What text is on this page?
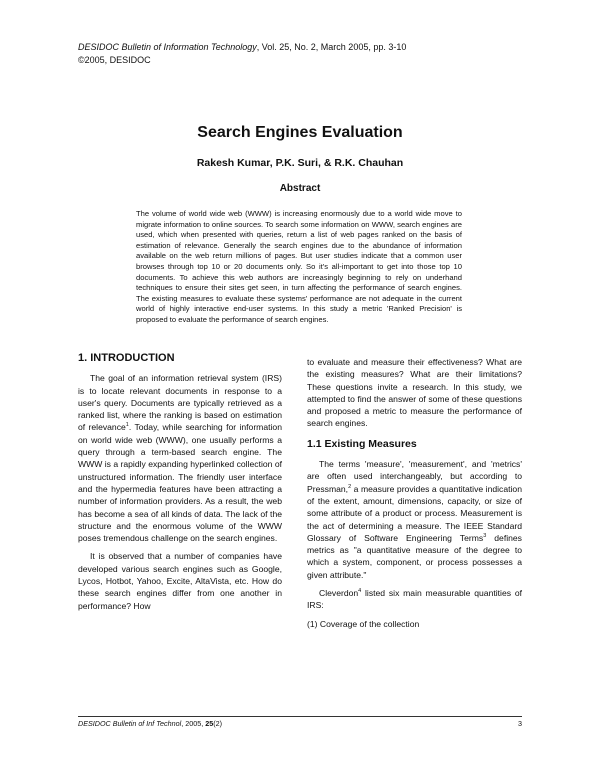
DESIDOC Bulletin of Information Technology, Vol. 25, No. 2, March 2005, pp. 3-10
©2005, DESIDOC
Search Engines Evaluation
Rakesh Kumar, P.K. Suri, & R.K. Chauhan
Abstract

The volume of world wide web (WWW) is increasing enormously due to a world wide move to migrate information to online sources. To search some information on WWW, search engines are used, which when presented with queries, return a list of web pages ranked on the basis of estimation of relevance. Generally the search engines due to the abundance of information available on the web return millions of pages. But user studies indicate that a common user browses through top 10 or 20 documents only. So it's all-important to get into those top 10 documents. To achieve this web authors are increasingly beginning to rely on underhand techniques to ensure their sites get seen, in turn affecting the performance of search engines. The existing measures to evaluate these systems' performance are not adequate in the current world of highly interactive end-user systems. In this study a metric 'Ranked Precision' is proposed to evaluate the performance of search engines.

1. INTRODUCTION

The goal of an information retrieval system (IRS) is to locate relevant documents in response to a user's query. Documents are typically retrieved as a ranked list, where the ranking is based on estimation of relevance$^1$. Today, while searching for information on world wide web (WWW), one usually performs a query through a term-based search engine. The WWW is a rapidly expanding hyperlinked collection of unstructured information. The friendly user interface and the hypermedia features have been attracting a number of information providers. As a result, the web has become a sea of all kinds of data. The lack of the structure and the enormous volume of the WWW poses tremendous challenge on the search engines.

It is observed that a number of companies have developed various search engines such as Google, Lycos, Hotbot, Yahoo, Excite, AltaVista, etc. How do these search engines differ from one another in performance? How

to evaluate and measure their effectiveness? What are the existing measures? What are their limitations? These questions invite a research. In this study, we attempted to find the answer of some of these questions and proposed a metric to measure the performance of search engines.

1.1 Existing Measures

The terms 'measure', 'measurement', and 'metrics' are often used interchangeably, but according to Pressman,$^2$ a measure provides a quantitative indication of the extent, amount, dimensions, capacity, or size of some attribute of a product or process. Measurement is the act of determining a measure. The IEEE Standard Glossary of Software Engineering Terms$^3$ defines metrics as "a quantitative measure of the degree to which a system, component, or process possesses a given attribute."

Cleverdon$^4$ listed six main measurable quantities of IRS:

(1) Coverage of the collection

DESIDOC Bulletin of Inf Technol, 2005, 25(2)	3
